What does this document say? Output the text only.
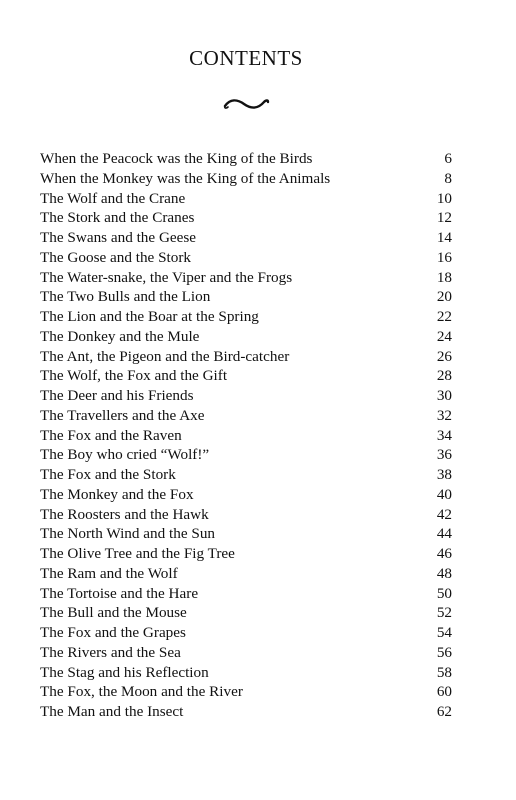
CONTENTS
When the Peacock was the King of the Birds	6
When the Monkey was the King of the Animals	8
The Wolf and the Crane	10
The Stork and the Cranes	12
The Swans and the Geese	14
The Goose and the Stork	16
The Water-snake, the Viper and the Frogs	18
The Two Bulls and the Lion	20
The Lion and the Boar at the Spring	22
The Donkey and the Mule	24
The Ant, the Pigeon and the Bird-catcher	26
The Wolf, the Fox and the Gift	28
The Deer and his Friends	30
The Travellers and the Axe	32
The Fox and the Raven	34
The Boy who cried “Wolf!”	36
The Fox and the Stork	38
The Monkey and the Fox	40
The Roosters and the Hawk	42
The North Wind and the Sun	44
The Olive Tree and the Fig Tree	46
The Ram and the Wolf	48
The Tortoise and the Hare	50
The Bull and the Mouse	52
The Fox and the Grapes	54
The Rivers and the Sea	56
The Stag and his Reflection	58
The Fox, the Moon and the River	60
The Man and the Insect	62
